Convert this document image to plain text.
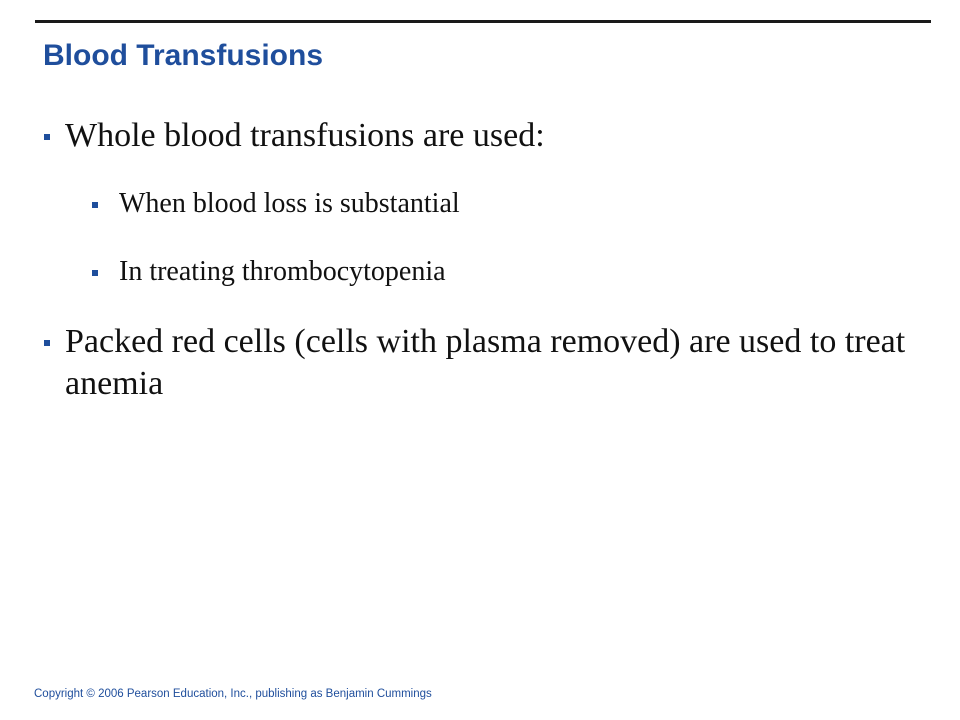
Blood Transfusions
Whole blood transfusions are used:
When blood loss is substantial
In treating thrombocytopenia
Packed red cells (cells with plasma removed) are used to treat anemia
Copyright © 2006 Pearson Education, Inc., publishing as Benjamin Cummings
